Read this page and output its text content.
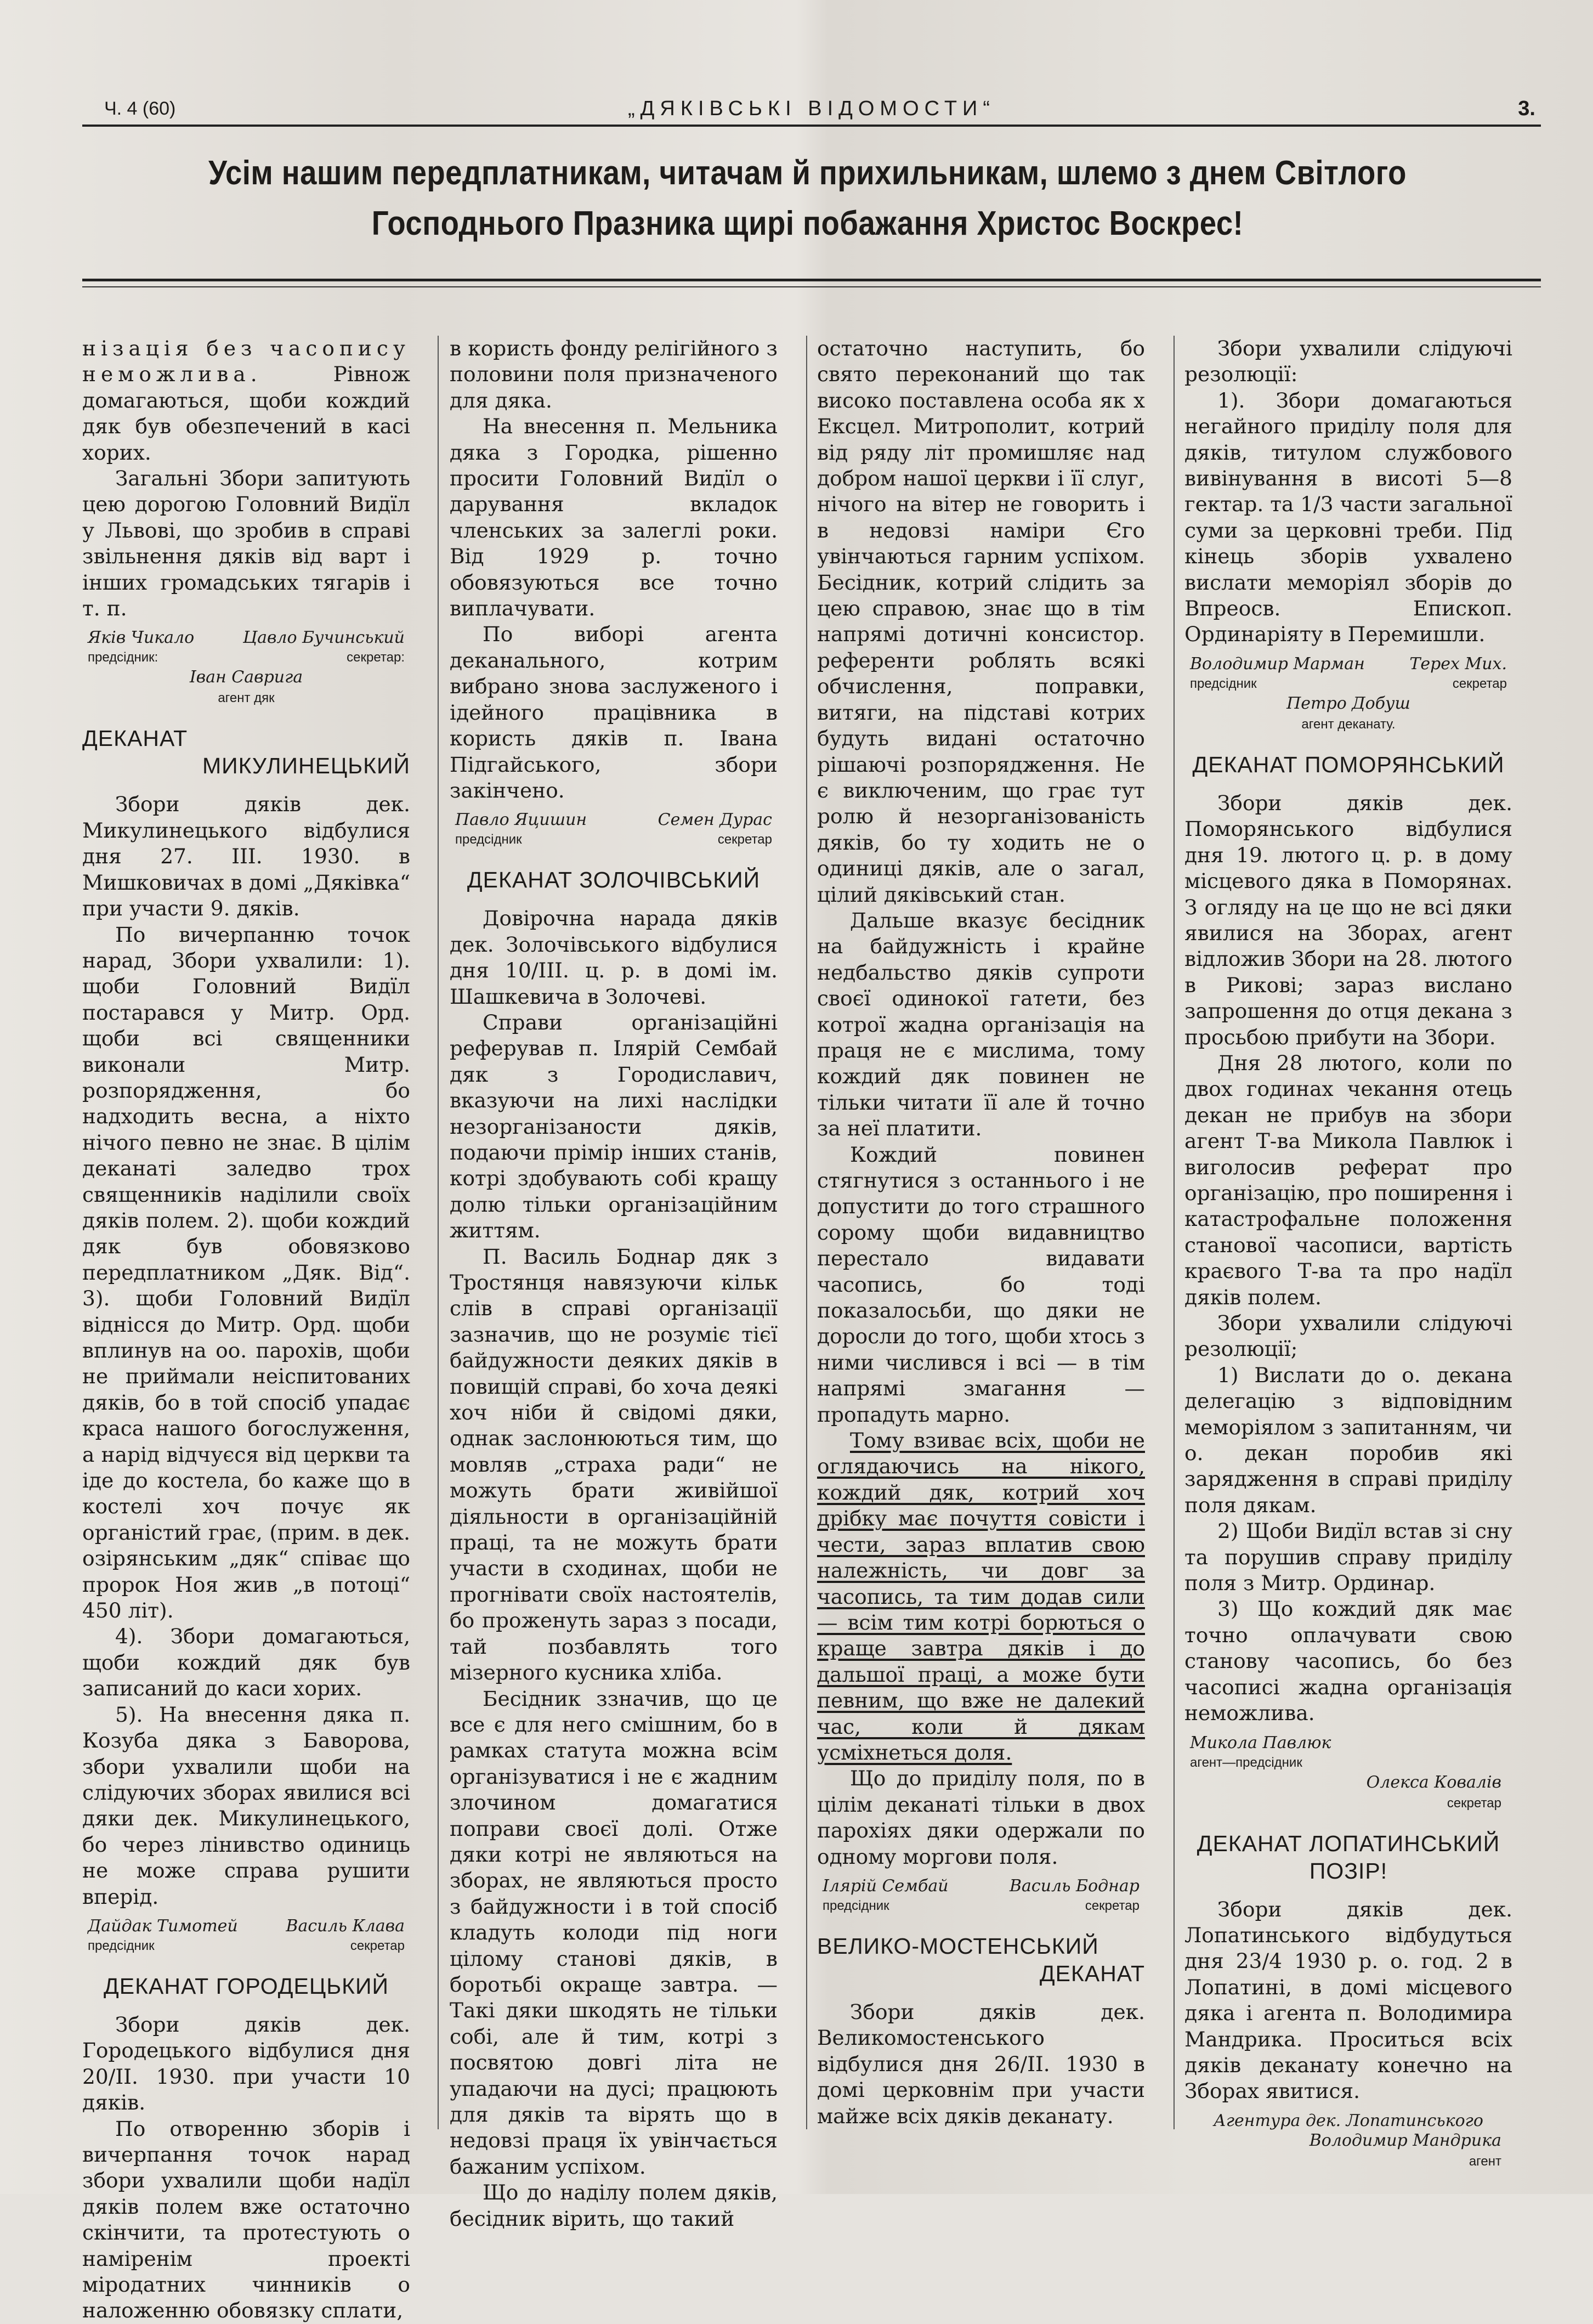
Ч. 4 (60)	„ДЯКІВСЬКІ ВІДОМОСТИ“	3.
Усім нашим передплатникам, читачам й прихильникам, шлемо з днем Світлого
Господнього Празника щирі побажання Христос Воскрес!

нізація без часопису неможлива. Рівнож домагаються, щоби кождий дяк був обезпечений в касі хорих.

Загальні Збори запитують цею дорогою Головний Видїл у Львові, що зробив в справі звільнення дяків від варт і інших громадських тягарів і т. п.

Якiв Чикало	Цавло Бучинський
предсідник:	секретар:
Іван Саврига
агент дяк
ДЕКАНАТ
МИКУЛИНЕЦЬКИЙ

Збори дяків дек. Микулинецького відбулися дня 27. III. 1930. в Мишковичах в домі „Дяківка“ при участи 9. дяків.

По вичерпанню точок нарад, Збори ухвалили: 1). щоби Головний Видїл постарався у Митр. Орд. щоби всі священники виконали Митр. розпорядження, бо надходить весна, а ніхто нічого певно не знає. В цілім деканаті заледво трох священників наділили своїх дяків полем. 2). щоби кождий дяк був обовязково передплатником „Дяк. Від“. 3). щоби Головний Видїл віднісся до Митр. Орд. щоби вплинув на оо. парохів, щоби не приймали неіспитованих дяків, бо в той спосіб упадає краса нашого богослуження, а нарід відчуєся від церкви та іде до костела, бо каже що в костелі хоч почує як органістий грає, (прим. в дек. озірянським „дяк“ співає що пророк Ноя жив „в потоці“ 450 літ).

4). Збори домагаються, щоби кождий дяк був записаний до каси хорих.

5). На внесення дяка п. Козуба дяка з Баворова, збори ухвалили щоби на слідуючих зборах явилися всі дяки дек. Микулинецького, бо через лінивство одиниць не може справа рушити вперід.

Дайдак Тимотей	Василь Клава
предсідник	секретар
ДЕКАНАТ ГОРОДЕЦЬКИЙ

Збори дяків дек. Городецького відбулися дня 20/II. 1930. при участи 10 дяків.

По отворенню зборів і вичерпання точок нарад збори ухвалили щоби надїл дяків полем вже остаточно скінчити, та протестують о наміренім проекті міродатних чинників о наложенню обовязку сплати,

в користь фонду релігійного з половини поля призначеного для дяка.

На внесення п. Мельника дяка з Городка, рішенно просити Головний Видїл о дарування вкладок членських за залеглі роки. Від 1929 р. точно обовязуються все точно виплачувати.

По виборі агента деканального, котрим вибрано знова заслуженого і ідейного працівника в користь дяків п. Івана Підгайського, збори закінчено.

Павло Яцишин	Семен Дурас
предсідник	секретар
ДЕКАНАТ ЗОЛОЧІВСЬКИЙ

Довірочна нарада дяків дек. Золочівського відбулися дня 10/III. ц. р. в домі ім. Шашкевича в Золочеві.

Справи організаційні реферував п. Ілярій Сембай дяк з Городиславич, вказуючи на лихі наслідки незорганізаности дяків, подаючи прімір інших станів, котрі здобувають собі кращу долю тільки організаційним життям.

П. Василь Боднар дяк з Тростянця навязуючи кільк слів в справі організації зазначив, що не розуміє тієї байдужности деяких дяків в повищій справі, бо хоча деякі хоч ніби й свідомі дяки, однак заслонюються тим, що мовляв „страха ради“ не можуть брати живійшої діяльности в організаційній праці, та не можуть брати участи в сходинах, щоби не прогнівати своїх настоятелів, бо проженуть зараз з посади, тай позбавлять того мізерного кусника хліба.

Бесідник ззначив, що це все є для него смішним, бо в рамках статута можна всім організуватися і не є жадним злочином домагатися поправи своєї долі. Отже дяки котрі не являються на зборах, не являються просто з байдужности і в той спосіб кладуть колоди під ноги цілому станові дяків, в боротьбі окраще завтра. — Такі дяки шкодять не тільки собі, але й тим, котрі з посвятою довгі літа не упадаючи на дусі; працюють для дяків та вірять що в недовзі праця їх увінчається бажаним успіхом.

Що до наділу полем дяків, бесідник вірить, що такий

остаточно наступить, бо свято переконаний що так високо поставлена особа як х Ексцел. Митрополит, котрий від ряду літ промишляє над добром нашої церкви і її слуг, нічого на вітер не говорить і в недовзі наміри Єго увінчаються гарним успіхом. Бесідник, котрий слідить за цею справою, знає що в тім напрямі дотичні консистор. референти роблять всякі обчислення, поправки, витяги, на підставі котрих будуть видані остаточно рішаючі розпорядження. Не є виключеним, що грає тут ролю й незорганізованість дяків, бо ту ходить не о одиниці дяків, але о загал, цілий дяківський стан.

Дальше вказує бесідник на байдужність і крайне недбальство дяків супроти своєї одинокої гатети, без котрої жадна організація на праця не є мислима, тому кождий дяк повинен не тільки читати її але й точно за неї платити.

Кождий повинен стягнутися з останнього і не допустити до того страшного сорому щоби видавництво перестало видавати часопись, бо тоді показалосьби, що дяки не доросли до того, щоби хтось з ними числився і всі — в тім напрямі змагання — пропадуть марно.

Тому взиває всіх, щоби не оглядаючись на нікого, кождий дяк, котрий хоч дрібку має почуття совісти і чести, зараз вплатив свою належність, чи довг за часопись, та тим додав сили — всім тим котрі борються о краще завтра дяків і до дальшої праці, а може бути певним, що вже не далекий час, коли й дякам усміхнеться доля.

Що до приділу поля, по в цілім деканаті тільки в двох парохіях дяки одержали по одному моргови поля.

Ілярій Сембай	Василь Боднар
предсідник	секретар
ВЕЛИКО-МОСТЕНСЬКИЙ
ДЕКАНАТ

Збори дяків дек. Великомостенського відбулися дня 26/II. 1930 в домі церковнім при участи майже всіх дяків деканату.

Збори ухвалили слідуючі резолюції:

1). Збори домагаються негайного приділу поля для дяків, титулом службового вивінування в висоті 5—8 гектар. та 1/3 части загальної суми за церковні треби. Під кінець зборів ухвалено вислати меморіял зборів до Впреосв. Епископ. Ординаріяту в Перемишли.

Володимир Марман	Терех Мих.
предсідник	секретар
Петро Добуш
агент деканату.
ДЕКАНАТ ПОМОРЯНСЬКИЙ

Збори дяків дек. Поморянського відбулися дня 19. лютого ц. р. в дому місцевого дяка в Поморянах. З огляду на це що не всі дяки явилися на Зборах, агент відложив Збори на 28. лютого в Рикові; зараз вислано запрошення до отця декана з просьбою прибути на Збори.

Дня 28 лютого, коли по двох годинах чекання отець декан не прибув на збори агент Т-ва Микола Павлюк і виголосив реферат про організацію, про поширення і катастрофальне положення станової часописи, вартість краєвого Т-ва та про надїл дяків полем.

Збори ухвалили слідуючі резолюції;

1) Вислати до о. декана делегацію з відповідним меморіялом з запитанням, чи о. декан поробив які зарядження в справі приділу поля дякам.

2) Щоби Видїл встав зі сну та порушив справу приділу поля з Митр. Ординар.

3) Що кождий дяк має точно оплачувати свою станову часопись, бо без часописі жадна організація неможлива.

Микола Павлюк
агент—предсідник
Олекса Ковалів
секретар
ДЕКАНАТ ЛОПАТИНСЬКИЙ
ПОЗІР!

Збори дяків дек. Лопатинського відбудуться дня 23/4 1930 р. о. год. 2 в Лопатині, в домі місцевого дяка і агента п. Володимира Мандрика. Проситься всіх дяків деканату конечно на Зборах явитися.

Агентура дек. Лопатинського
Володимир Мандрика
агент
